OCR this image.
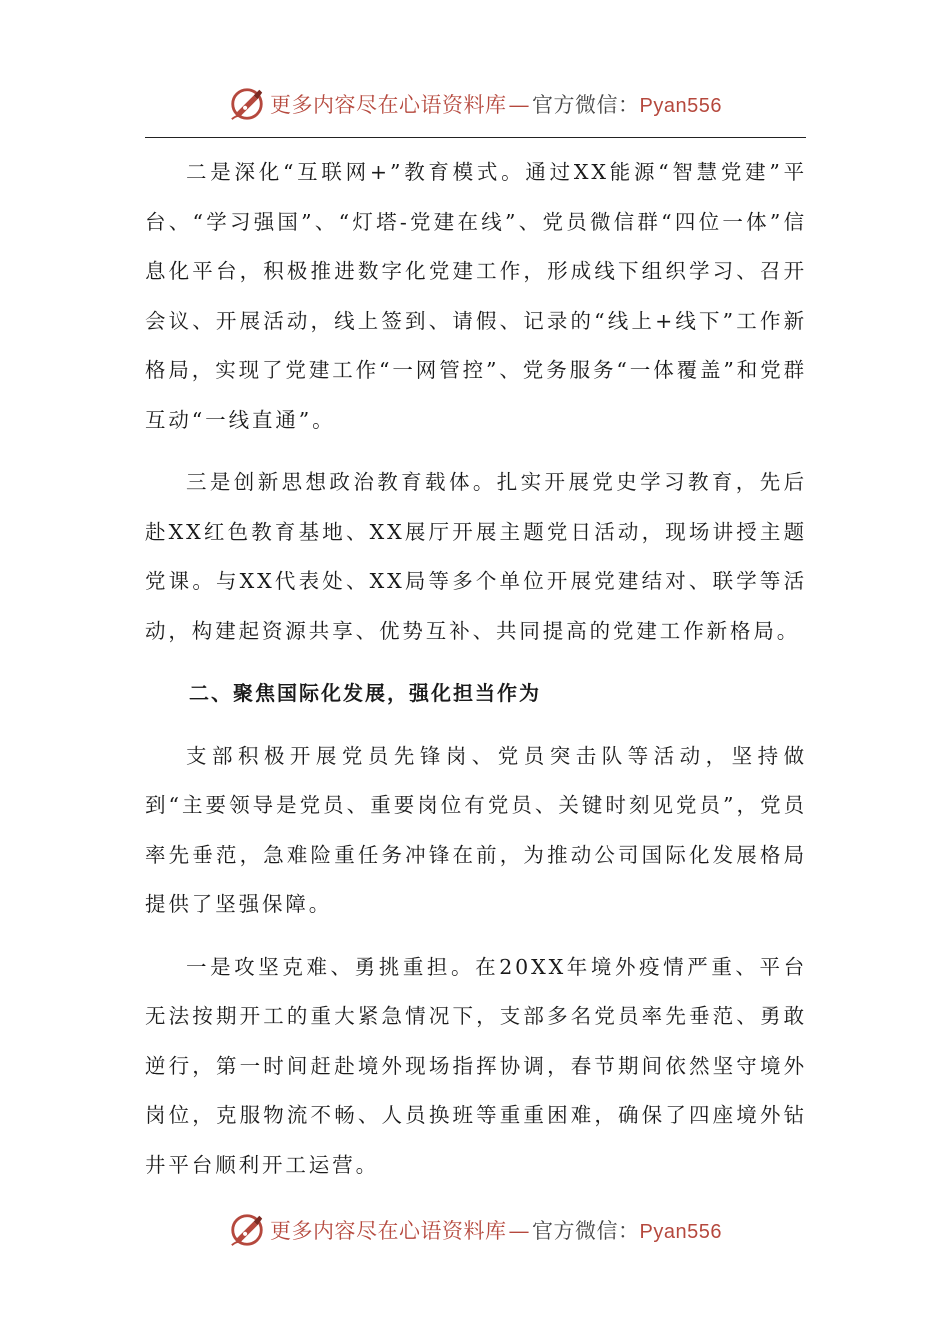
更多内容尽在心语资料库—官方微信：Pyan556

二是深化“互联网+”教育模式。通过XX能源“智慧党建”平台、“学习强国”、“灯塔-党建在线”、党员微信群“四位一体”信息化平台，积极推进数字化党建工作，形成线下组织学习、召开会议、开展活动，线上签到、请假、记录的“线上+线下”工作新格局，实现了党建工作“一网管控”、党务服务“一体覆盖”和党群互动“一线直通”。

三是创新思想政治教育载体。扎实开展党史学习教育，先后赴XX红色教育基地、XX展厅开展主题党日活动，现场讲授主题党课。与XX代表处、XX局等多个单位开展党建结对、联学等活动，构建起资源共享、优势互补、共同提高的党建工作新格局。

二、聚焦国际化发展，强化担当作为

支部积极开展党员先锋岗、党员突击队等活动，坚持做到“主要领导是党员、重要岗位有党员、关键时刻见党员”，党员率先垂范，急难险重任务冲锋在前，为推动公司国际化发展格局提供了坚强保障。

一是攻坚克难、勇挑重担。在20XX年境外疫情严重、平台无法按期开工的重大紧急情况下，支部多名党员率先垂范、勇敢逆行，第一时间赶赴境外现场指挥协调，春节期间依然坚守境外岗位，克服物流不畅、人员换班等重重困难，确保了四座境外钻井平台顺利开工运营。

更多内容尽在心语资料库—官方微信：Pyan556
